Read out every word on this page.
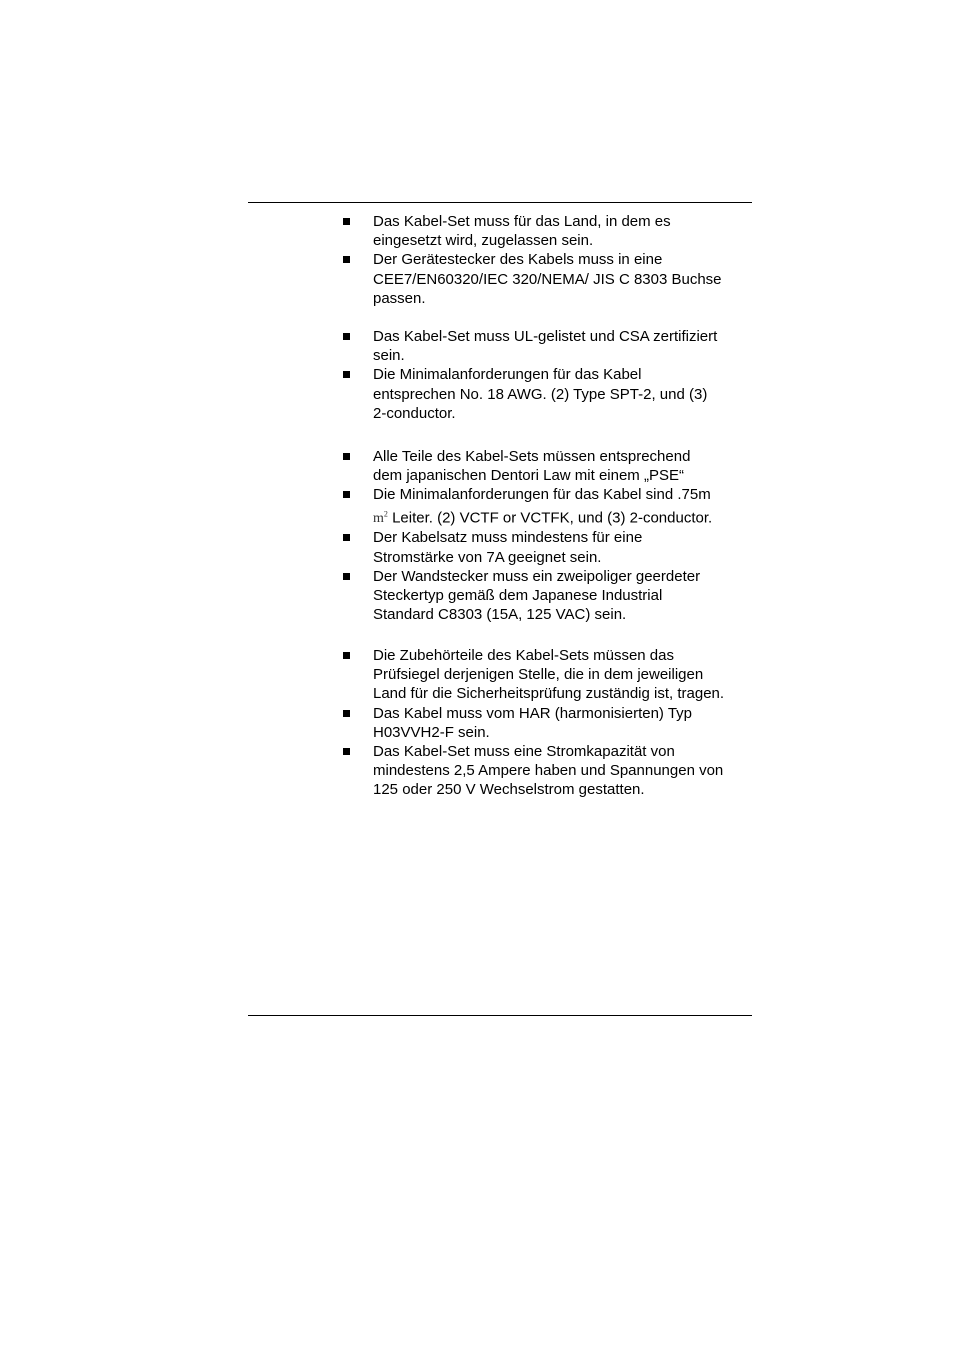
Das Kabel-Set muss für das Land, in dem es
eingesetzt wird, zugelassen sein.
Der Gerätestecker des Kabels muss in eine
CEE7/EN60320/IEC 320/NEMA/ JIS C 8303 Buchse
passen.
Das Kabel-Set muss UL-gelistet und CSA zertifiziert
sein.
Die Minimalanforderungen für das Kabel
entsprechen No. 18 AWG. (2) Type SPT-2, und (3)
2-conductor.
Alle Teile des Kabel-Sets müssen entsprechend
dem japanischen Dentori Law mit einem „PSE“
Die Minimalanforderungen für das Kabel sind .75m
$m^2$ Leiter. (2) VCTF or VCTFK, und (3) 2-conductor.
Der Kabelsatz muss mindestens für eine
Stromstärke von 7A geeignet sein.
Der Wandstecker muss ein zweipoliger geerdeter
Steckertyp gemäß dem Japanese Industrial
Standard C8303 (15A, 125 VAC) sein.
Die Zubehörteile des Kabel-Sets müssen das
Prüfsiegel derjenigen Stelle, die in dem jeweiligen
Land für die Sicherheitsprüfung zuständig ist, tragen.
Das Kabel muss vom HAR (harmonisierten) Typ
H03VVH2-F sein.
Das Kabel-Set muss eine Stromkapazität von
mindestens 2,5 Ampere haben und Spannungen von
125 oder 250 V Wechselstrom gestatten.
